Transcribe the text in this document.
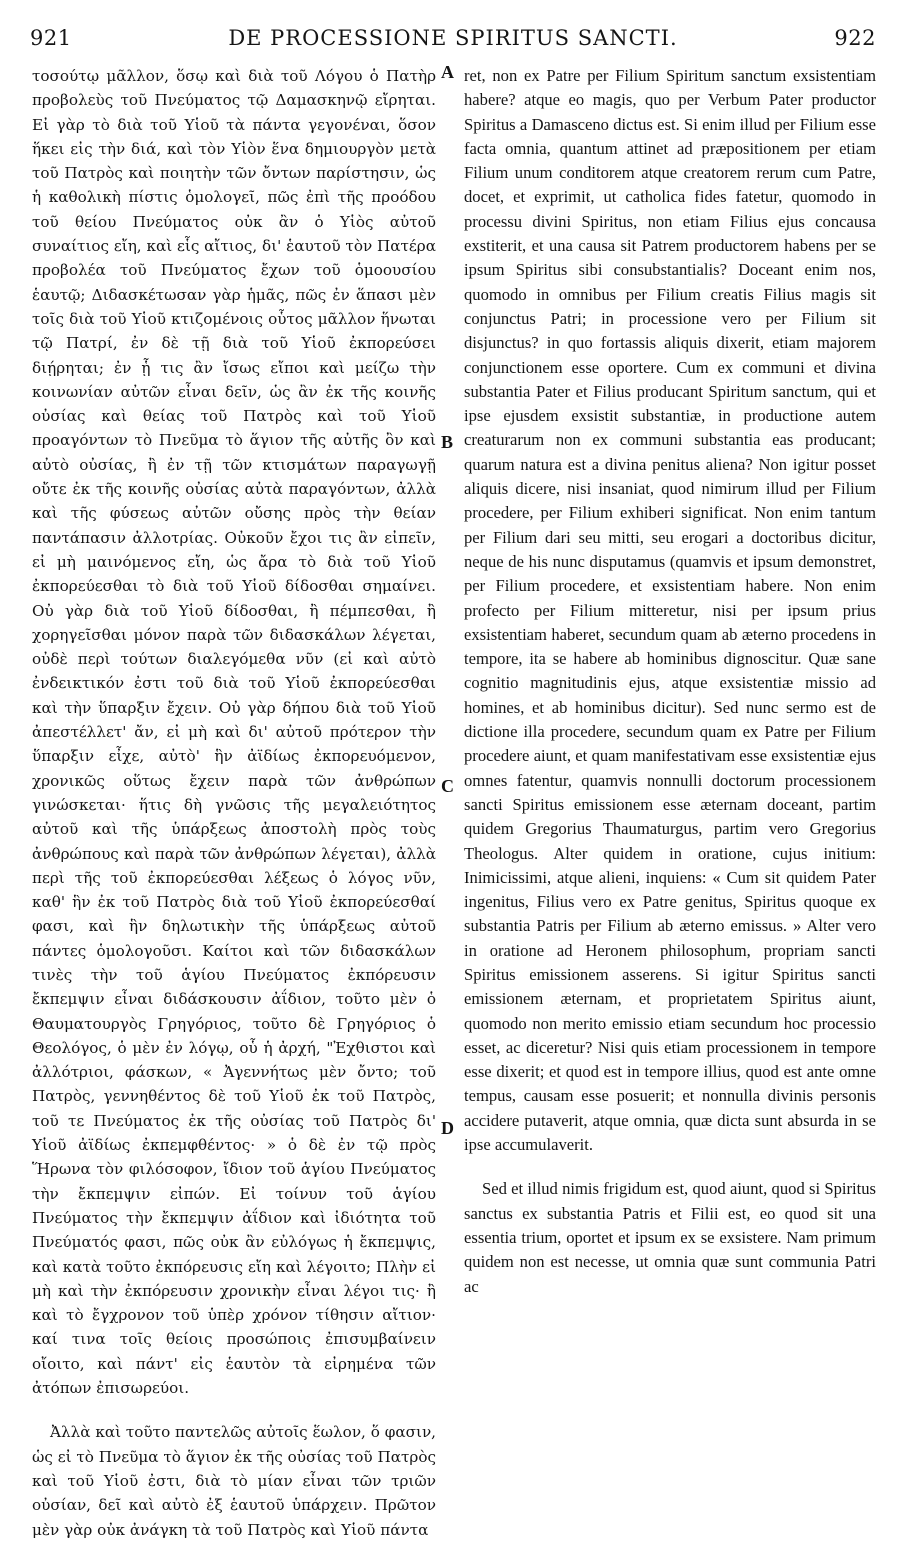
921	DE PROCESSIONE SPIRITUS SANCTI.	922

τοσούτῳ μᾶλλον, ὅσῳ καὶ διὰ τοῦ Λόγου ὁ Πατὴρ προβολεὺς τοῦ Πνεύματος τῷ Δαμασκηνῷ εἴρηται. Εἰ γὰρ τὸ διὰ τοῦ Υἱοῦ τὰ πάντα γεγονέναι, ὅσον ἥκει εἰς τὴν διά, καὶ τὸν Υἱὸν ἕνα δημιουργὸν μετὰ τοῦ Πατρὸς καὶ ποιητὴν τῶν ὄντων παρίστησιν, ὡς ἡ καθολικὴ πίστις ὁμολογεῖ, πῶς ἐπὶ τῆς προόδου τοῦ θείου Πνεύματος οὐκ ἂν ὁ Υἱὸς αὐτοῦ συναίτιος εἴη, καὶ εἷς αἴτιος, δι' ἑαυτοῦ τὸν Πατέρα προβολέα τοῦ Πνεύματος ἔχων τοῦ ὁμοουσίου ἑαυτῷ; Διδασκέτωσαν γὰρ ἡμᾶς, πῶς ἐν ἅπασι μὲν τοῖς διὰ τοῦ Υἱοῦ κτιζομένοις οὗτος μᾶλλον ἥνωται τῷ Πατρί, ἐν δὲ τῇ διὰ τοῦ Υἱοῦ ἐκπορεύσει διῄρηται; ἐν ᾗ τις ἂν ἴσως εἴποι καὶ μείζω τὴν κοινωνίαν αὐτῶν εἶναι δεῖν, ὡς ἂν ἐκ τῆς κοινῆς οὐσίας καὶ θείας τοῦ Πατρὸς καὶ τοῦ Υἱοῦ προαγόντων τὸ Πνεῦμα τὸ ἅγιον τῆς αὐτῆς ὂν καὶ αὐτὸ οὐσίας, ἢ ἐν τῇ τῶν κτισμάτων παραγωγῇ οὔτε ἐκ τῆς κοινῆς οὐσίας αὐτὰ παραγόντων, ἀλλὰ καὶ τῆς φύσεως αὐτῶν οὔσης πρὸς τὴν θείαν παντάπασιν ἀλλοτρίας. Οὐκοῦν ἔχοι τις ἂν εἰπεῖν, εἰ μὴ μαινόμενος εἴη, ὡς ἄρα τὸ διὰ τοῦ Υἱοῦ ἐκπορεύεσθαι τὸ διὰ τοῦ Υἱοῦ δίδοσθαι σημαίνει. Οὐ γὰρ διὰ τοῦ Υἱοῦ δίδοσθαι, ἢ πέμπεσθαι, ἢ χορηγεῖσθαι μόνον παρὰ τῶν διδασκάλων λέγεται, οὐδὲ περὶ τούτων διαλεγόμεθα νῦν (εἰ καὶ αὐτὸ ἐνδεικτικόν ἐστι τοῦ διὰ τοῦ Υἱοῦ ἐκπορεύεσθαι καὶ τὴν ὕπαρξιν ἔχειν. Οὐ γὰρ δήπου διὰ τοῦ Υἱοῦ ἀπεστέλλετ' ἄν, εἰ μὴ καὶ δι' αὐτοῦ πρότερον τὴν ὕπαρξιν εἶχε, αὐτὸ' ἣν ἀϊδίως ἐκπορευόμενον, χρονικῶς οὕτως ἔχειν παρὰ τῶν ἀνθρώπων γινώσκεται· ἥτις δὴ γνῶσις τῆς μεγαλειότητος αὐτοῦ καὶ τῆς ὑπάρξεως ἀποστολὴ πρὸς τοὺς ἀνθρώπους καὶ παρὰ τῶν ἀνθρώπων λέγεται), ἀλλὰ περὶ τῆς τοῦ ἐκπορεύεσθαι λέξεως ὁ λόγος νῦν, καθ' ἣν ἐκ τοῦ Πατρὸς διὰ τοῦ Υἱοῦ ἐκπορεύεσθαί φασι, καὶ ἣν δηλωτικὴν τῆς ὑπάρξεως αὐτοῦ πάντες ὁμολογοῦσι. Καίτοι καὶ τῶν διδασκάλων τινὲς τὴν τοῦ ἁγίου Πνεύματος ἐκπόρευσιν ἔκπεμψιν εἶναι διδάσκουσιν ἀΐδιον, τοῦτο μὲν ὁ Θαυματουργὸς Γρηγόριος, τοῦτο δὲ Γρηγόριος ὁ Θεολόγος, ὁ μὲν ἐν λόγῳ, οὗ ἡ ἀρχή, "Ἐχθιστοι καὶ ἀλλότριοι, φάσκων, « Ἀγεννήτως μὲν ὄντο; τοῦ Πατρὸς, γεννηθέντος δὲ τοῦ Υἱοῦ ἐκ τοῦ Πατρὸς, τοῦ τε Πνεύματος ἐκ τῆς οὐσίας τοῦ Πατρὸς δι' Υἱοῦ ἀϊδίως ἐκπεμφθέντος· » ὁ δὲ ἐν τῷ πρὸς Ἥρωνα τὸν φιλόσοφον, ἴδιον τοῦ ἁγίου Πνεύματος τὴν ἔκπεμψιν εἰπών. Εἰ τοίνυν τοῦ ἁγίου Πνεύματος τὴν ἔκπεμψιν ἀΐδιον καὶ ἰδιότητα τοῦ Πνεύματός φασι, πῶς οὐκ ἂν εὐλόγως ἡ ἔκπεμψις, καὶ κατὰ τοῦτο ἐκπόρευσις εἴη καὶ λέγοιτο; Πλὴν εἰ μὴ καὶ τὴν ἐκπόρευσιν χρονικὴν εἶναι λέγοι τις· ἢ καὶ τὸ ἔγχρονον τοῦ ὑπὲρ χρόνον τίθησιν αἴτιον· καί τινα τοῖς θείοις προσώποις ἐπισυμβαίνειν οἴοιτο, καὶ πάντ' εἰς ἑαυτὸν τὰ εἰρημένα τῶν ἀτόπων ἐπισωρεύοι.

Ἀλλὰ καὶ τοῦτο παντελῶς αὐτοῖς ἕωλον, ὅ φασιν, ὡς εἰ τὸ Πνεῦμα τὸ ἅγιον ἐκ τῆς οὐσίας τοῦ Πατρὸς καὶ τοῦ Υἱοῦ ἐστι, διὰ τὸ μίαν εἶναι τῶν τριῶν οὐσίαν, δεῖ καὶ αὐτὸ ἐξ ἑαυτοῦ ὑπάρχειν. Πρῶτον μὲν γὰρ οὐκ ἀνάγκη τὰ τοῦ Πατρὸς καὶ Υἱοῦ πάντα

ret, non ex Patre per Filium Spiritum sanctum exsistentiam habere? atque eo magis, quo per Verbum Pater productor Spiritus a Damasceno dictus est. Si enim illud per Filium esse facta omnia, quantum attinet ad præpositionem per etiam Filium unum conditorem atque creatorem rerum cum Patre, docet, et exprimit, ut catholica fides fatetur, quomodo in processu divini Spiritus, non etiam Filius ejus concausa exstiterit, et una causa sit Patrem productorem habens per se ipsum Spiritus sibi consubstantialis? Doceant enim nos, quomodo in omnibus per Filium creatis Filius magis sit conjunctus Patri; in processione vero per Filium sit disjunctus? in quo fortassis aliquis dixerit, etiam majorem conjunctionem esse oportere. Cum ex communi et divina substantia Pater et Filius producant Spiritum sanctum, qui et ipse ejusdem exsistit substantiæ, in productione autem creaturarum non ex communi substantia eas producant; quarum natura est a divina penitus aliena? Non igitur posset aliquis dicere, nisi insaniat, quod nimirum illud per Filium procedere, per Filium exhiberi significat. Non enim tantum per Filium dari seu mitti, seu erogari a doctoribus dicitur, neque de his nunc disputamus (quamvis et ipsum demonstret, per Filium procedere, et exsistentiam habere. Non enim profecto per Filium mitteretur, nisi per ipsum prius exsistentiam haberet, secundum quam ab æterno procedens in tempore, ita se habere ab hominibus dignoscitur. Quæ sane cognitio magnitudinis ejus, atque exsistentiæ missio ad homines, et ab hominibus dicitur). Sed nunc sermo est de dictione illa procedere, secundum quam ex Patre per Filium procedere aiunt, et quam manifestativam esse exsistentiæ ejus omnes fatentur, quamvis nonnulli doctorum processionem sancti Spiritus emissionem esse æternam doceant, partim quidem Gregorius Thaumaturgus, partim vero Gregorius Theologus. Alter quidem in oratione, cujus initium: Inimicissimi, atque alieni, inquiens: « Cum sit quidem Pater ingenitus, Filius vero ex Patre genitus, Spiritus quoque ex substantia Patris per Filium ab æterno emissus. » Alter vero in oratione ad Heronem philosophum, propriam sancti Spiritus emissionem asserens. Si igitur Spiritus sancti emissionem æternam, et proprietatem Spiritus aiunt, quomodo non merito emissio etiam secundum hoc processio esset, ac diceretur? Nisi quis etiam processionem in tempore esse dixerit; et quod est in tempore illius, quod est ante omne tempus, causam esse posuerit; et nonnulla divinis personis accidere putaverit, atque omnia, quæ dicta sunt absurda in se ipse accumulaverit.

Sed et illud nimis frigidum est, quod aiunt, quod si Spiritus sanctus ex substantia Patris et Filii est, eo quod sit una essentia trium, oportet et ipsum ex se exsistere. Nam primum quidem non est necesse, ut omnia quæ sunt communia Patri ac

A
B
C
D
